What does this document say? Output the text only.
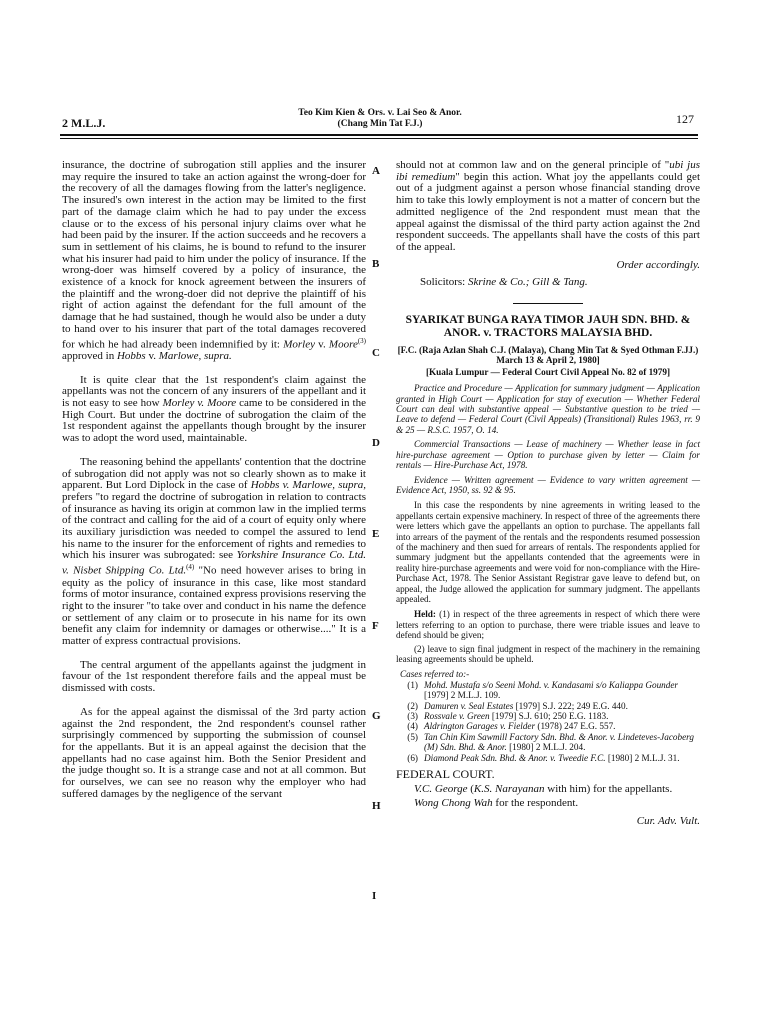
2 M.L.J.
Teo Kim Kien & Ors. v. Lai Seo & Anor.
(Chang Min Tat F.J.)	127
A
B
C
D
E
F
G
H
I

insurance, the doctrine of subrogation still applies and the insurer may require the insured to take an action against the wrong-doer for the recovery of all the damages flowing from the latter's negligence. The insured's own interest in the action may be limited to the first part of the damage claim which he had to pay under the excess clause or to the excess of his personal injury claims over what he had been paid by the insurer. If the action succeeds and he recovers a sum in settlement of his claims, he is bound to refund to the insurer what his insurer had paid to him under the policy of insurance. If the wrong-doer was himself covered by a policy of insurance, the existence of a knock for knock agreement between the insurers of the plaintiff and the wrong-doer did not deprive the plaintiff of his right of action against the defendant for the full amount of the damage that he had sustained, though he would also be under a duty to hand over to his insurer that part of the total damages recovered for which he had already been indemnified by it: Morley v. Moore$^{(3)}$ approved in Hobbs v. Marlowe, supra.

It is quite clear that the 1st respondent's claim against the appellants was not the concern of any insurers of the appellant and it is not easy to see how Morley v. Moore came to be considered in the High Court. But under the doctrine of subrogation the claim of the 1st respondent against the appellants though brought by the insurer was to adopt the word used, maintainable.

The reasoning behind the appellants' contention that the doctrine of subrogation did not apply was not so clearly shown as to make it apparent. But Lord Diplock in the case of Hobbs v. Marlowe, supra, prefers "to regard the doctrine of subrogation in relation to contracts of insurance as having its origin at common law in the implied terms of the contract and calling for the aid of a court of equity only where its auxiliary jurisdiction was needed to compel the assured to lend his name to the insurer for the enforcement of rights and remedies to which his insurer was subrogated: see Yorkshire Insurance Co. Ltd. v. Nisbet Shipping Co. Ltd.$^{(4)}$ "No need however arises to bring in equity as the policy of insurance in this case, like most standard forms of motor insurance, contained express provisions reserving the right to the insurer "to take over and conduct in his name the defence or settlement of any claim or to prosecute in his name for its own benefit any claim for indemnity or damages or otherwise...." It is a matter of express contractual provisions.

The central argument of the appellants against the judgment in favour of the 1st respondent therefore fails and the appeal must be dismissed with costs.

As for the appeal against the dismissal of the 3rd party action against the 2nd respondent, the 2nd respondent's counsel rather surprisingly commenced by supporting the submission of counsel for the appellants. But it is an appeal against the decision that the appellants had no case against him. Both the Senior President and the judge thought so. It is a strange case and not at all common. But for ourselves, we can see no reason why the employer who had suffered damages by the negligence of the servant

should not at common law and on the general principle of "ubi jus ibi remedium" begin this action. What joy the appellants could get out of a judgment against a person whose financial standing drove him to take this lowly employment is not a matter of concern but the admitted negligence of the 2nd respondent must mean that the appeal against the dismissal of the third party action against the 2nd respondent succeeds. The appellants shall have the costs of this part of the appeal.

Order accordingly.

Solicitors: Skrine & Co.; Gill & Tang.

SYARIKAT BUNGA RAYA TIMOR JAUH SDN. BHD. & ANOR. v. TRACTORS MALAYSIA BHD.

[F.C. (Raja Azlan Shah C.J. (Malaya), Chang Min Tat & Syed Othman F.JJ.) March 13 & April 2, 1980]

[Kuala Lumpur — Federal Court Civil Appeal No. 82 of 1979]

Practice and Procedure — Application for summary judgment — Application granted in High Court — Application for stay of execution — Whether Federal Court can deal with substantive appeal — Substantive question to be tried — Leave to defend — Federal Court (Civil Appeals) (Transitional) Rules 1963, rr. 9 & 25 — R.S.C. 1957, O. 14.

Commercial Transactions — Lease of machinery — Whether lease in fact hire-purchase agreement — Option to purchase given by letter — Claim for rentals — Hire-Purchase Act, 1978.

Evidence — Written agreement — Evidence to vary written agreement — Evidence Act, 1950, ss. 92 & 95.

In this case the respondents by nine agreements in writing leased to the appellants certain expensive machinery. In respect of three of the agreements there were letters which gave the appellants an option to purchase. The appellants fall into arrears of the payment of the rentals and the respondents resumed possession of the machinery and then sued for arrears of rentals. The respondents applied for summary judgment but the appellants contended that the agreements were in reality hire-purchase agreements and were void for non-compliance with the Hire-Purchase Act, 1978. The Senior Assistant Registrar gave leave to defend but, on appeal, the Judge allowed the application for summary judgment. The appellants appealed.

Held: (1) in respect of the three agreements in respect of which there were letters referring to an option to purchase, there were triable issues and leave to defend should be given;

(2) leave to sign final judgment in respect of the machinery in the remaining leasing agreements should be upheld.

Cases referred to:-

(1) Mohd. Mustafa s/o Seeni Mohd. v. Kandasami s/o Kaliappa Gounder [1979] 2 M.L.J. 109.
(2) Damuren v. Seal Estates [1979] S.J. 222; 249 E.G. 440.
(3) Rossvale v. Green [1979] S.J. 610; 250 E.G. 1183.
(4) Aldrington Garages v. Fielder (1978) 247 E.G. 557.
(5) Tan Chin Kim Sawmill Factory Sdn. Bhd. & Anor. v. Lindeteves-Jacoberg (M) Sdn. Bhd. & Anor. [1980] 2 M.L.J. 204.
(6) Diamond Peak Sdn. Bhd. & Anor. v. Tweedie F.C. [1980] 2 M.L.J. 31.

FEDERAL COURT.

V.C. George (K.S. Narayanan with him) for the appellants.

Wong Chong Wah for the respondent.

Cur. Adv. Vult.
